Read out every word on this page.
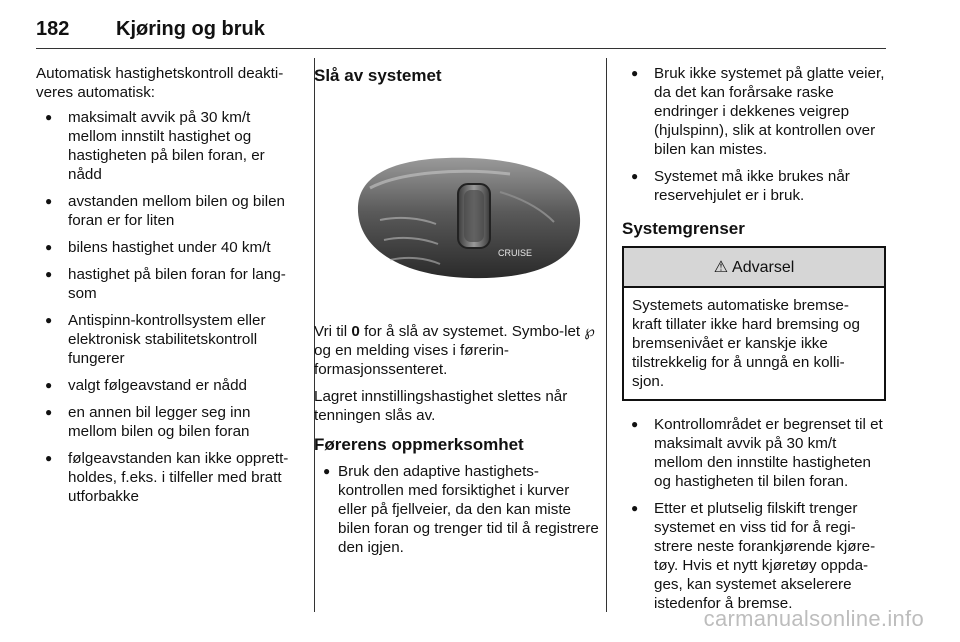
182 Kjøring og bruk

Automatisk hastighetskontroll deakti-veres automatisk:

● maksimalt avvik på 30 km/t mellom innstilt hastighet og hastigheten på bilen foran, er nådd
● avstanden mellom bilen og bilen foran er for liten
● bilens hastighet under 40 km/t
● hastighet på bilen foran for lang-som
● Antispinn-kontrollsystem eller elektronisk stabilitetskontroll fungerer
● valgt følgeavstand er nådd
● en annen bil legger seg inn mellom bilen og bilen foran
● følgeavstanden kan ikke opprett-holdes, f.eks. i tilfeller med bratt utforbakke
Slå av systemet
CRUISE

Vri til 0 for å slå av systemet. Symbo-let ℘ og en melding vises i førerin-formasjonssenteret.

Lagret innstillingshastighet slettes når tenningen slås av.

Førerens oppmerksomhet
● Bruk den adaptive hastighets-kontrollen med forsiktighet i kurver eller på fjellveier, da den kan miste bilen foran og trenger tid til å registrere den igjen.
● Bruk ikke systemet på glatte veier, da det kan forårsake raske endringer i dekkenes veigrep (hjulspinn), slik at kontrollen over bilen kan mistes.
● Systemet må ikke brukes når reservehjulet er i bruk.
Systemgrenser
⚠ Advarsel
Systemets automatiske bremse-kraft tillater ikke hard bremsing og bremsenivået er kanskje ikke tilstrekkelig for å unngå en kolli-sjon.
● Kontrollområdet er begrenset til et maksimalt avvik på 30 km/t mellom den innstilte hastigheten og hastigheten til bilen foran.
● Etter et plutselig filskift trenger systemet en viss tid for å regi-strere neste forankjørende kjøre-tøy. Hvis et nytt kjøretøy oppda-ges, kan systemet akselerere istedenfor å bremse.
carmanualsonline.info
